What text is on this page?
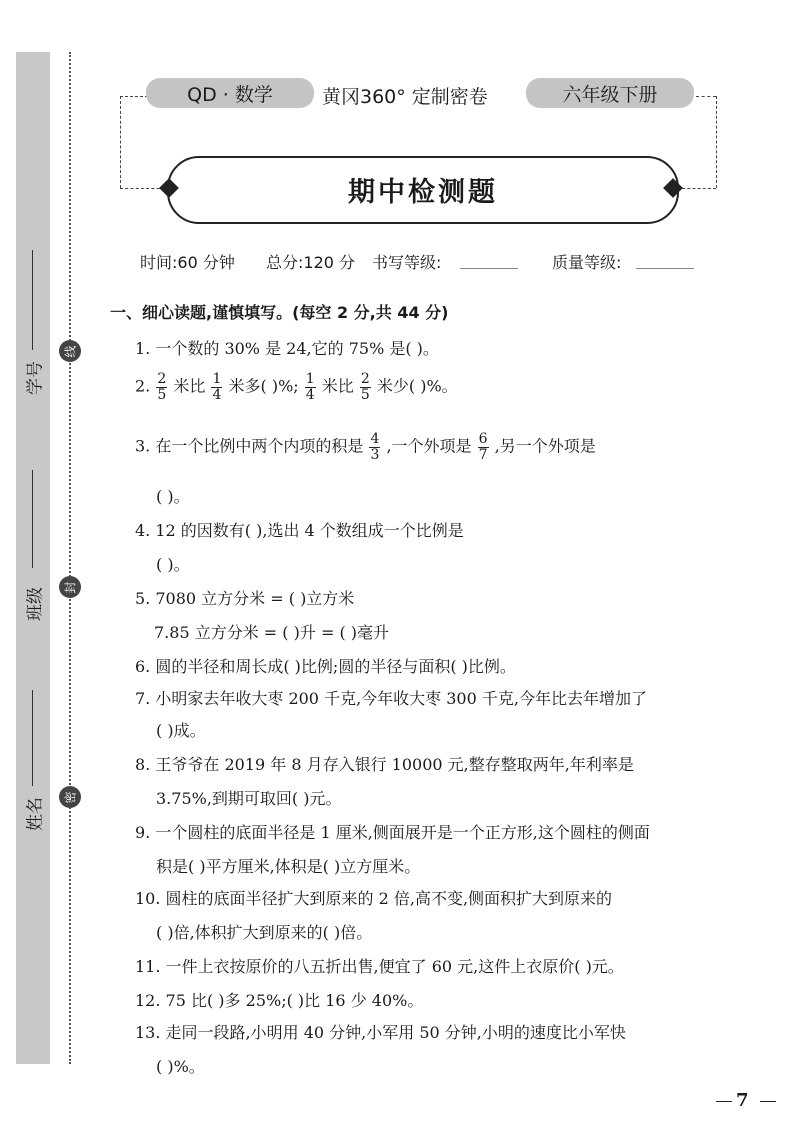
学号
班级
姓名
线
封
密
QD · 数学	黄冈360° 定制密卷	六年级下册
期中检测题
时间:60 分钟 总分:120 分 书写等级:	质量等级:
一、细心读题,谨慎填写。(每空 2 分,共 44 分)
1. 一个数的 30% 是 24,它的 75% 是( )。
2. $\frac{2}{5}$ 米比 $\frac{1}{4}$ 米多( )%; $\frac{1}{4}$ 米比 $\frac{2}{5}$ 米少( )%。
3. 在一个比例中两个内项的积是 $\frac{4}{3}$ ,一个外项是 $\frac{6}{7}$ ,另一个外项是
( )。
4. 12 的因数有( ),选出 4 个数组成一个比例是
( )。
5. 7080 立方分米 = ( )立方米
7.85 立方分米 = ( )升 = ( )毫升
6. 圆的半径和周长成( )比例;圆的半径与面积( )比例。
7. 小明家去年收大枣 200 千克,今年收大枣 300 千克,今年比去年增加了
( )成。
8. 王爷爷在 2019 年 8 月存入银行 10000 元,整存整取两年,年利率是
3.75%,到期可取回( )元。
9. 一个圆柱的底面半径是 1 厘米,侧面展开是一个正方形,这个圆柱的侧面
积是( )平方厘米,体积是( )立方厘米。
10. 圆柱的底面半径扩大到原来的 2 倍,高不变,侧面积扩大到原来的
( )倍,体积扩大到原来的( )倍。
11. 一件上衣按原价的八五折出售,便宜了 60 元,这件上衣原价( )元。
12. 75 比( )多 25%;( )比 16 少 40%。
13. 走同一段路,小明用 40 分钟,小军用 50 分钟,小明的速度比小军快
( )%。
7
